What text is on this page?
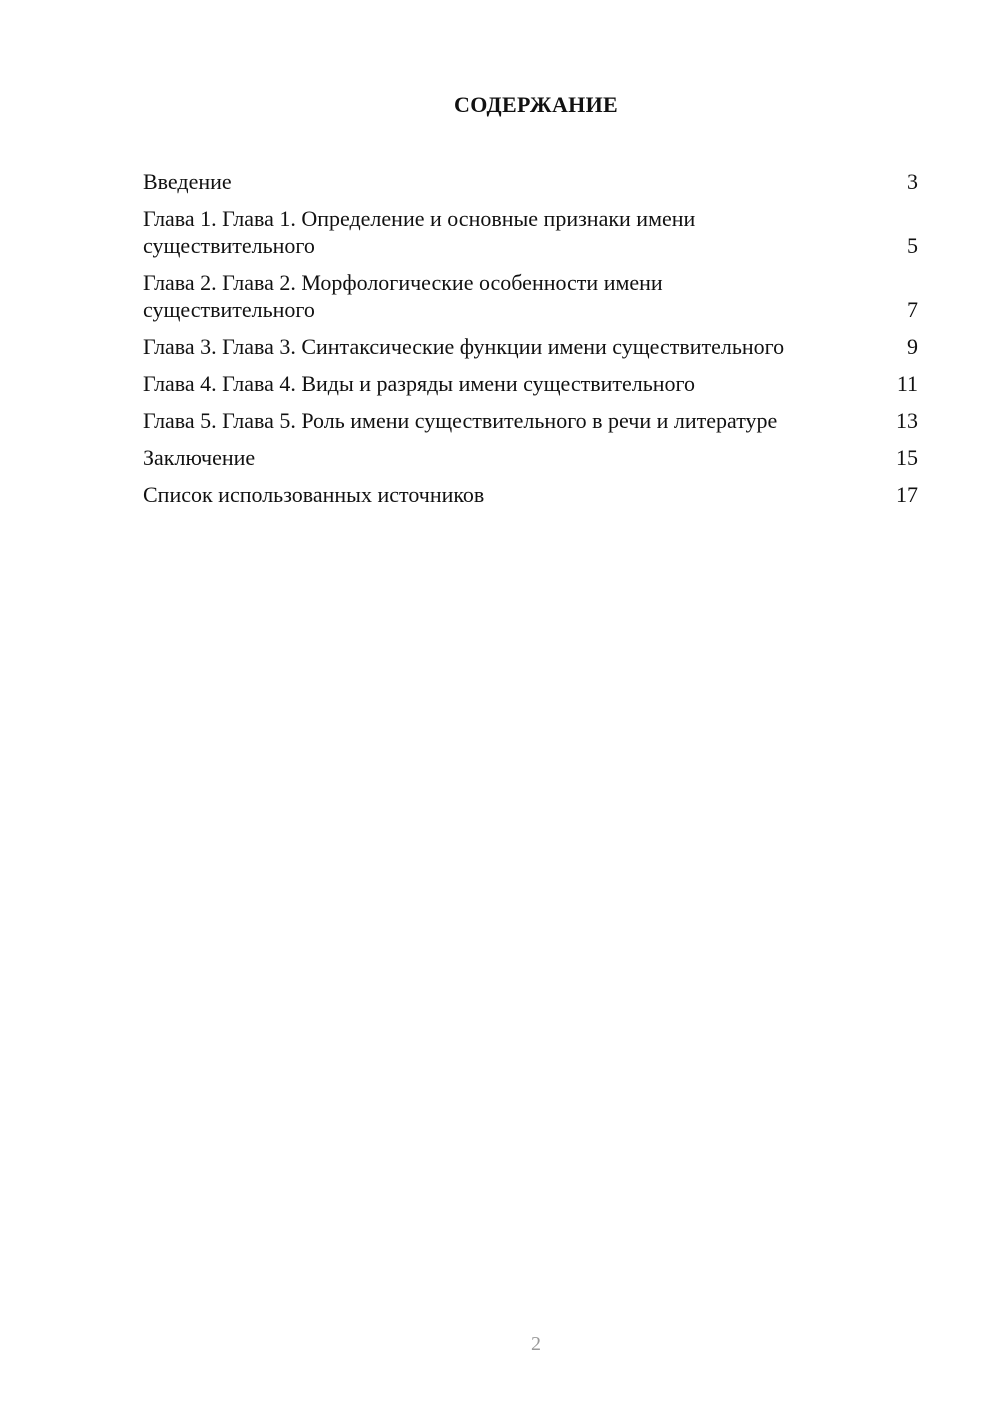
СОДЕРЖАНИЕ
Введение	3
Глава 1. Глава 1. Определение и основные признаки имени существительного	5
Глава 2. Глава 2. Морфологические особенности имени существительного	7
Глава 3. Глава 3. Синтаксические функции имени существительного	9
Глава 4. Глава 4. Виды и разряды имени существительного	11
Глава 5. Глава 5. Роль имени существительного в речи и литературе	13
Заключение	15
Список использованных источников	17
2
